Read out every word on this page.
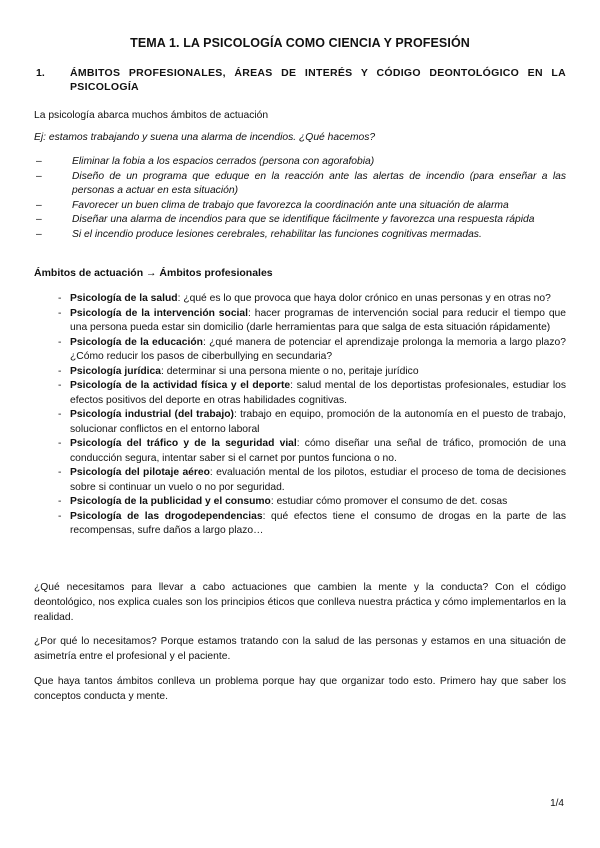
TEMA 1. LA PSICOLOGÍA COMO CIENCIA Y PROFESIÓN
1. ÁMBITOS PROFESIONALES, ÁREAS DE INTERÉS Y CÓDIGO DEONTOLÓGICO EN LA PSICOLOGÍA
La psicología abarca muchos ámbitos de actuación
Ej: estamos trabajando y suena una alarma de incendios. ¿Qué hacemos?
–	Eliminar la fobia a los espacios cerrados (persona con agorafobia)
–	Diseño de un programa que eduque en la reacción ante las alertas de incendio (para enseñar a las personas a actuar en esta situación)
–	Favorecer un buen clima de trabajo que favorezca la coordinación ante una situación de alarma
–	Diseñar una alarma de incendios para que se identifique fácilmente y favorezca una respuesta rápida
–	Si el incendio produce lesiones cerebrales, rehabilitar las funciones cognitivas mermadas.
Ámbitos de actuación → Ámbitos profesionales
- Psicología de la salud: ¿qué es lo que provoca que haya dolor crónico en unas personas y en otras no?
- Psicología de la intervención social: hacer programas de intervención social para reducir el tiempo que una persona pueda estar sin domicilio (darle herramientas para que salga de esta situación rápidamente)
- Psicología de la educación: ¿qué manera de potenciar el aprendizaje prolonga la memoria a largo plazo? ¿Cómo reducir los pasos de ciberbullying en secundaria?
- Psicología jurídica: determinar si una persona miente o no, peritaje jurídico
- Psicología de la actividad física y el deporte: salud mental de los deportistas profesionales, estudiar los efectos positivos del deporte en otras habilidades cognitivas.
- Psicología industrial (del trabajo): trabajo en equipo, promoción de la autonomía en el puesto de trabajo, solucionar conflictos en el entorno laboral
- Psicología del tráfico y de la seguridad vial: cómo diseñar una señal de tráfico, promoción de una conducción segura, intentar saber si el carnet por puntos funciona o no.
- Psicología del pilotaje aéreo: evaluación mental de los pilotos, estudiar el proceso de toma de decisiones sobre si continuar un vuelo o no por seguridad.
- Psicología de la publicidad y el consumo: estudiar cómo promover el consumo de det. cosas
- Psicología de las drogodependencias: qué efectos tiene el consumo de drogas en la parte de las recompensas, sufre daños a largo plazo…
¿Qué necesitamos para llevar a cabo actuaciones que cambien la mente y la conducta? Con el código deontológico, nos explica cuales son los principios éticos que conlleva nuestra práctica y cómo implementarlos en la realidad.
¿Por qué lo necesitamos? Porque estamos tratando con la salud de las personas y estamos en una situación de asimetría entre el profesional y el paciente.
Que haya tantos ámbitos conlleva un problema porque hay que organizar todo esto. Primero hay que saber los conceptos conducta y mente.
1/4
